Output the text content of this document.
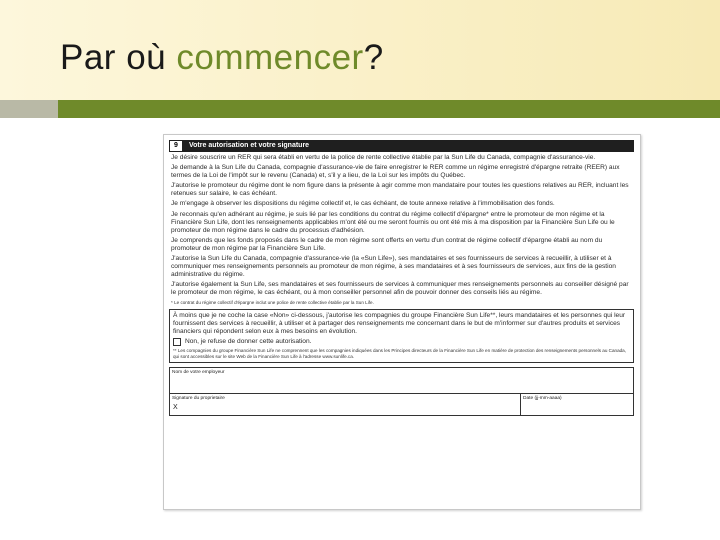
Par où commencer?
9	Votre autorisation et votre signature
Je désire souscrire un RER qui sera établi en vertu de la police de rente collective établie par la Sun Life du Canada, compagnie d'assurance-vie.
Je demande à la Sun Life du Canada, compagnie d'assurance-vie de faire enregistrer le RER comme un régime enregistré d'épargne retraite (REER) aux termes de la Loi de l'impôt sur le revenu (Canada) et, s'il y a lieu, de la Loi sur les impôts du Québec.
J'autorise le promoteur du régime dont le nom figure dans la présente à agir comme mon mandataire pour toutes les questions relatives au RER, incluant les retenues sur salaire, le cas échéant.
Je m'engage à observer les dispositions du régime collectif et, le cas échéant, de toute annexe relative à l'immobilisation des fonds.
Je reconnais qu'en adhérant au régime, je suis lié par les conditions du contrat du régime collectif d'épargne* entre le promoteur de mon régime et la Financière Sun Life, dont les renseignements applicables m'ont été ou me seront fournis ou ont été mis à ma disposition par la Financière Sun Life ou le promoteur de mon régime dans le cadre du processus d'adhésion.
Je comprends que les fonds proposés dans le cadre de mon régime sont offerts en vertu d'un contrat de régime collectif d'épargne établi au nom du promoteur de mon régime par la Financière Sun Life.
J'autorise la Sun Life du Canada, compagnie d'assurance-vie (la «Sun Life»), ses mandataires et ses fournisseurs de services à recueillir, à utiliser et à communiquer mes renseignements personnels au promoteur de mon régime, à ses mandataires et à ses fournisseurs de services, aux fins de la gestion administrative du régime.
J'autorise également la Sun Life, ses mandataires et ses fournisseurs de services à communiquer mes renseignements personnels au conseiller désigné par le promoteur de mon régime, le cas échéant, ou à mon conseiller personnel afin de pouvoir donner des conseils liés au régime.
* Le contrat du régime collectif d'épargne inclut une police de rente collective établie par la Sun Life.
À moins que je ne coche la case «Non» ci-dessous, j'autorise les compagnies du groupe Financière Sun Life**, leurs mandataires et les personnes qui leur fournissent des services à recueillir, à utiliser et à partager des renseignements me concernant dans le but de m'informer sur d'autres produits et services financiers qui répondent selon eux à mes besoins en évolution.
Non, je refuse de donner cette autorisation.
** Les compagnies du groupe Financière Sun Life ne comprennent que les compagnies indiquées dans les Principes directeurs de la Financière Sun Life en matière de protection des renseignements personnels au Canada, qui sont accessibles sur le site Web de la Financière Sun Life à l'adresse www.sunlife.ca.
Nom de votre employeur
Signature du proprietaire
X
Date (jj-mm-aaaa)
